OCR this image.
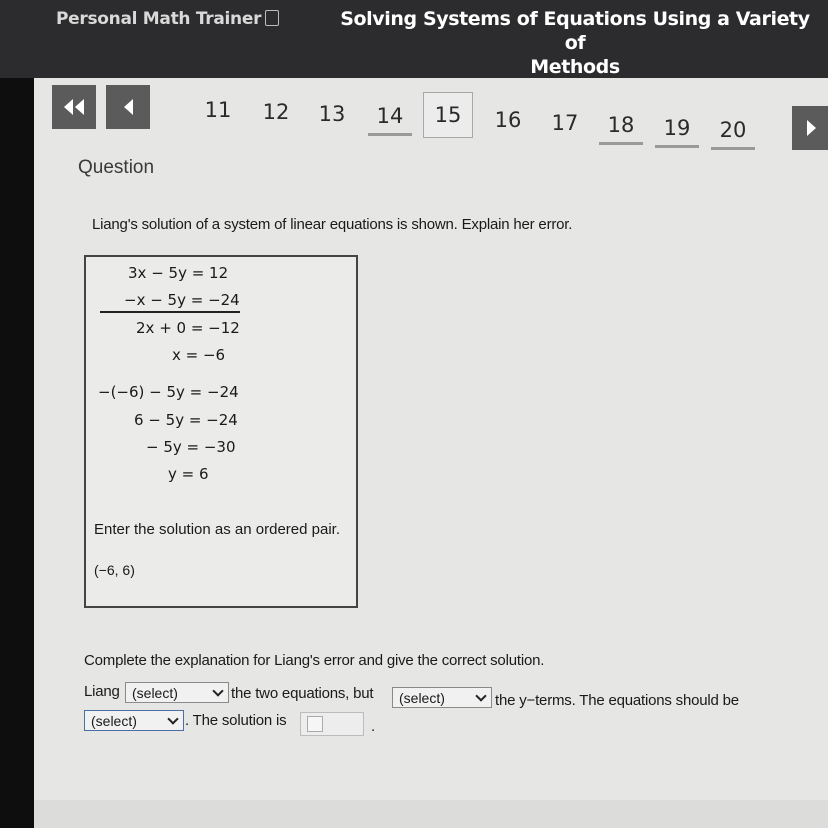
Personal Math Trainer	Solving Systems of Equations Using a Variety of
Methods
11	12	13	14	15	16	17	18	19	20
Question
Liang's solution of a system of linear equations is shown. Explain her error.
3x − 5y = 12
−x − 5y = −24
2x + 0 = −12
x = −6
−(−6) − 5y = −24
6 − 5y = −24
− 5y = −30
y = 6
Enter the solution as an ordered pair.
(−6, 6)
Complete the explanation for Liang's error and give the correct solution.
Liang (select)	the two equations, but (select)	the y−terms. The equations should be
(select)	. The solution is	.
